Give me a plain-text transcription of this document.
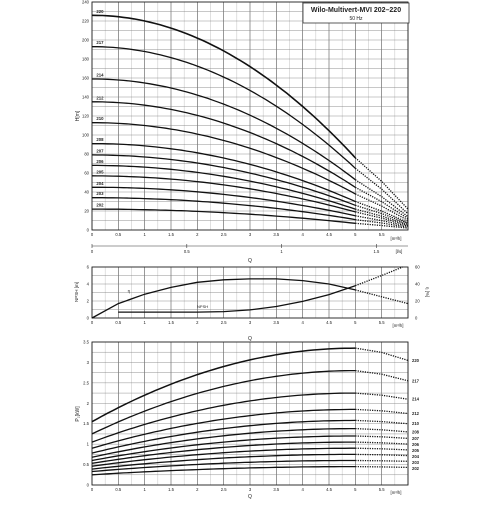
0
20
40
60
80
100
120
140
160
180
200
220
240
0	0.5	1	1.5	2	2.5	3	3.5	4	4.5	5	5.5
H[m]
[m³/h]
[l/s]
0	0.5	1	1.5
Q
220
217
214
212
210
208
207
206
205
204
203
202
0
2
4
6
0	0.5	1	1.5	2	2.5	3	3.5	4	4.5	5	5.5
0
20
40
60
NPSH [m]	η [%]
[m³/h]
Q
η
NPSH
0
0.5
1
1.5
2
2.5
3
3.5
0	0.5	1	1.5	2	2.5	3	3.5	4	4.5	5	5.5
P₂[kW]
[m³/h]
Q
220
217
214
212
210
208
207
206
205
204
203
202
Wilo-Multivert-MVI 202–220
50 Hz
